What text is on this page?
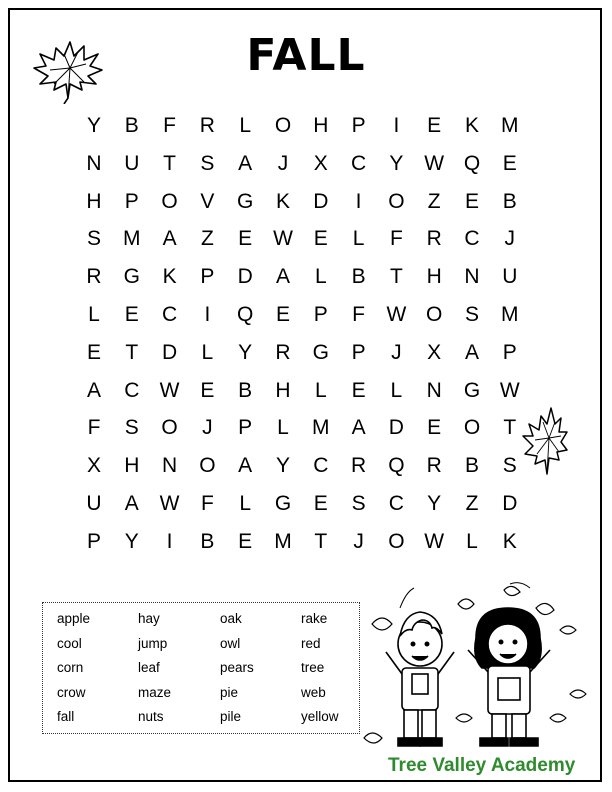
FALL
Y	B	F	R	L	O	H	P	I	E	K	M
N	U	T	S	A	J	X	C	Y W Q	E
H	P	O	V	G	K	D	I	O	Z	E	B
S	M	A	Z	E W E	L	F	R	C	J
R	G	K	P	D	A	L	B	T	H	N	U
L	E	C	I	Q	E	P	F	W O	S	M
E	T	D	L	Y	R	G	P	J	X	A	P
A	C W E	B	H	L	E	L	N	G W
F	S	O	J	P	L	M	A	D	E	O	T
X	H	N	O	A	Y	C	R	Q	R	B	S
U	A W	F	L	G	E	S	C	Y	Z	D
P	Y	I	B	E	M	T	J	O W	L	K
apple
cool
corn
crow
fall
hay
jump
leaf
maze
nuts
oak
owl
pears
pie
pile
rake
red
tree
web
yellow
Tree Valley Academy
